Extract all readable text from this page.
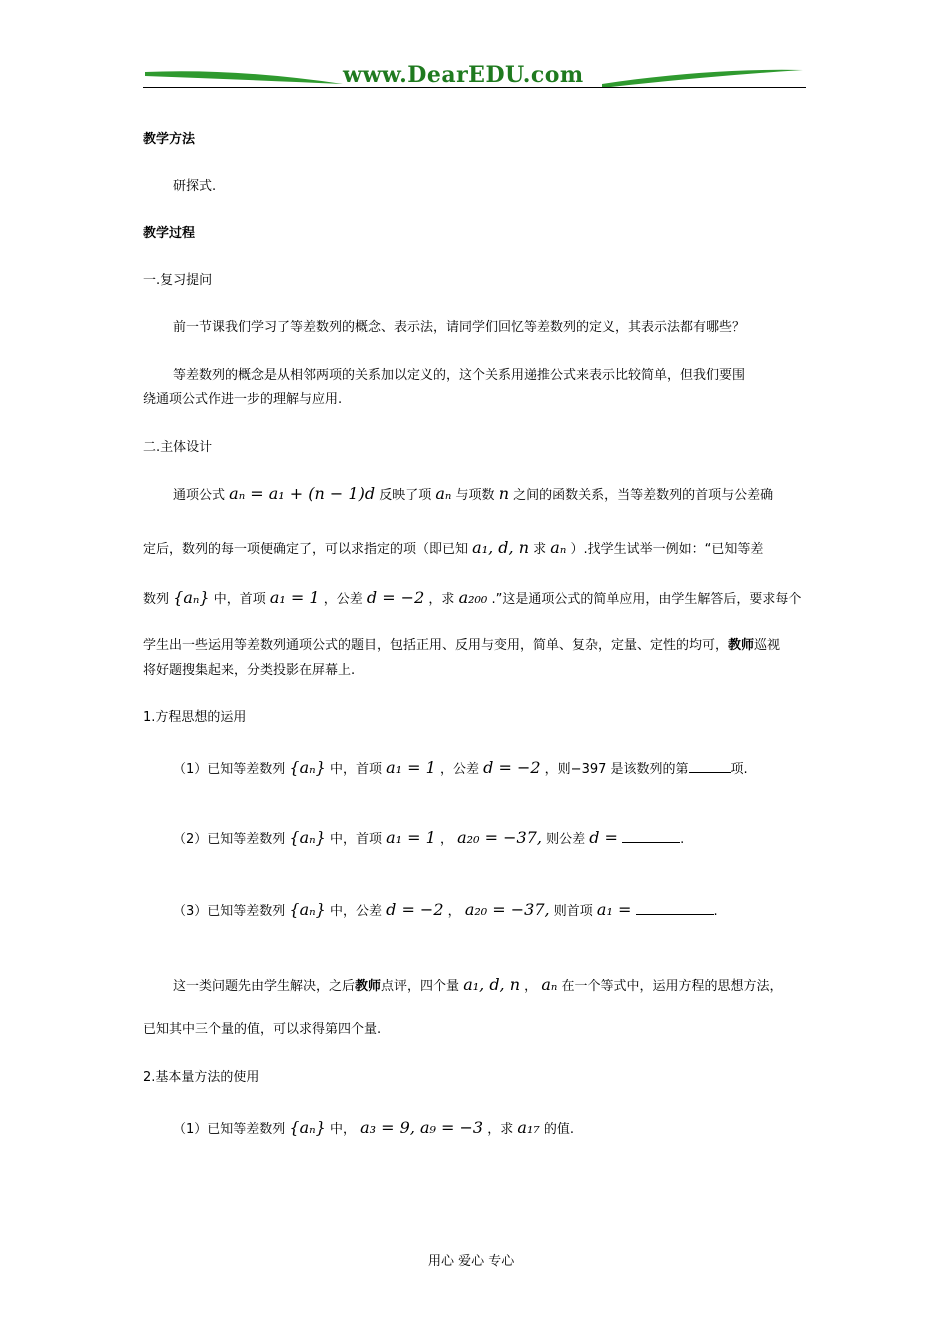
www.DearEDU.com
教学方法
研探式.
教学过程
一.复习提问
前一节课我们学习了等差数列的概念、表示法，请同学们回忆等差数列的定义，其表示法都有哪些？
等差数列的概念是从相邻两项的关系加以定义的，这个关系用递推公式来表示比较简单，但我们要围
绕通项公式作进一步的理解与应用.
二.主体设计
通项公式 aₙ = a₁ + (n − 1)d 反映了项 aₙ 与项数 n 之间的函数关系，当等差数列的首项与公差确
定后，数列的每一项便确定了，可以求指定的项（即已知 a₁, d, n 求 aₙ ）.找学生试举一例如：“已知等差
数列 {aₙ} 中，首项 a₁ = 1 ，公差 d = −2 ，求 a₂₀₀ .”这是通项公式的简单应用，由学生解答后，要求每个
学生出一些运用等差数列通项公式的题目，包括正用、反用与变用，简单、复杂，定量、定性的均可，教师巡视
将好题搜集起来，分类投影在屏幕上.
1.方程思想的运用
（1）已知等差数列 {aₙ} 中，首项 a₁ = 1 ，公差 d = −2 ，则−397 是该数列的第	项.
（2）已知等差数列 {aₙ} 中，首项 a₁ = 1 ， a₂₀ = −37, 则公差 d =	.
（3）已知等差数列 {aₙ} 中，公差 d = −2 ， a₂₀ = −37, 则首项 a₁ =	.
这一类问题先由学生解决，之后教师点评，四个量 a₁, d, n ， aₙ 在一个等式中，运用方程的思想方法，
已知其中三个量的值，可以求得第四个量.
2.基本量方法的使用
（1）已知等差数列 {aₙ} 中， a₃ = 9, a₉ = −3 ，求 a₁₇ 的值.
用心 爱心 专心
